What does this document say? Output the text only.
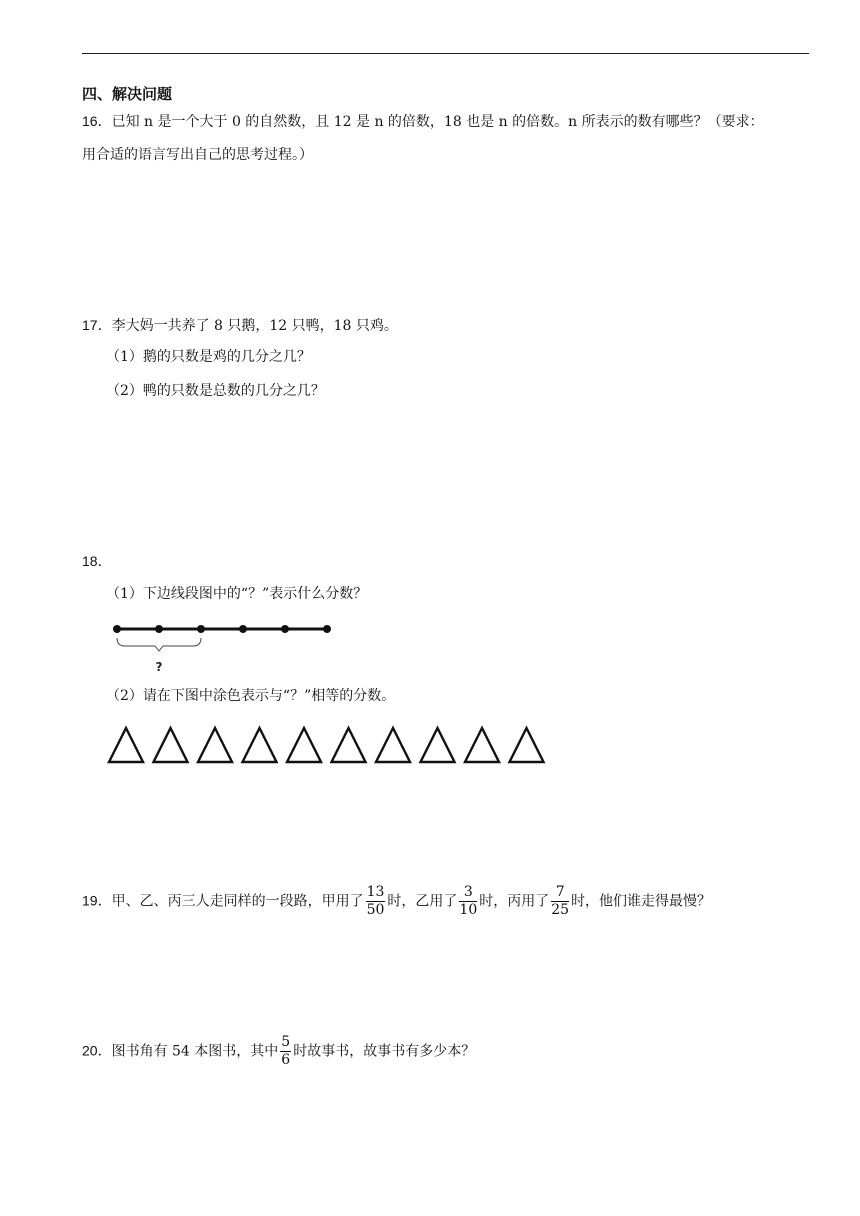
四、解决问题
16．已知 n 是一个大于 0 的自然数，且 12 是 n 的倍数，18 也是 n 的倍数。n 所表示的数有哪些？（要求：
用合适的语言写出自己的思考过程。）
17．李大妈一共养了 8 只鹅，12 只鸭，18 只鸡。
（1）鹅的只数是鸡的几分之几？
（2）鸭的只数是总数的几分之几？
18．
（1）下边线段图中的“？”表示什么分数？
?
（2）请在下图中涂色表示与“？”相等的分数。
19．甲、乙、丙三人走同样的一段路，甲用了 $\frac{13}{50}$ 时，乙用了 $\frac{3}{10}$ 时，丙用了 $\frac{7}{25}$ 时，他们谁走得最慢？
20．图书角有 54 本图书，其中 $\frac{5}{6}$ 时故事书，故事书有多少本？
